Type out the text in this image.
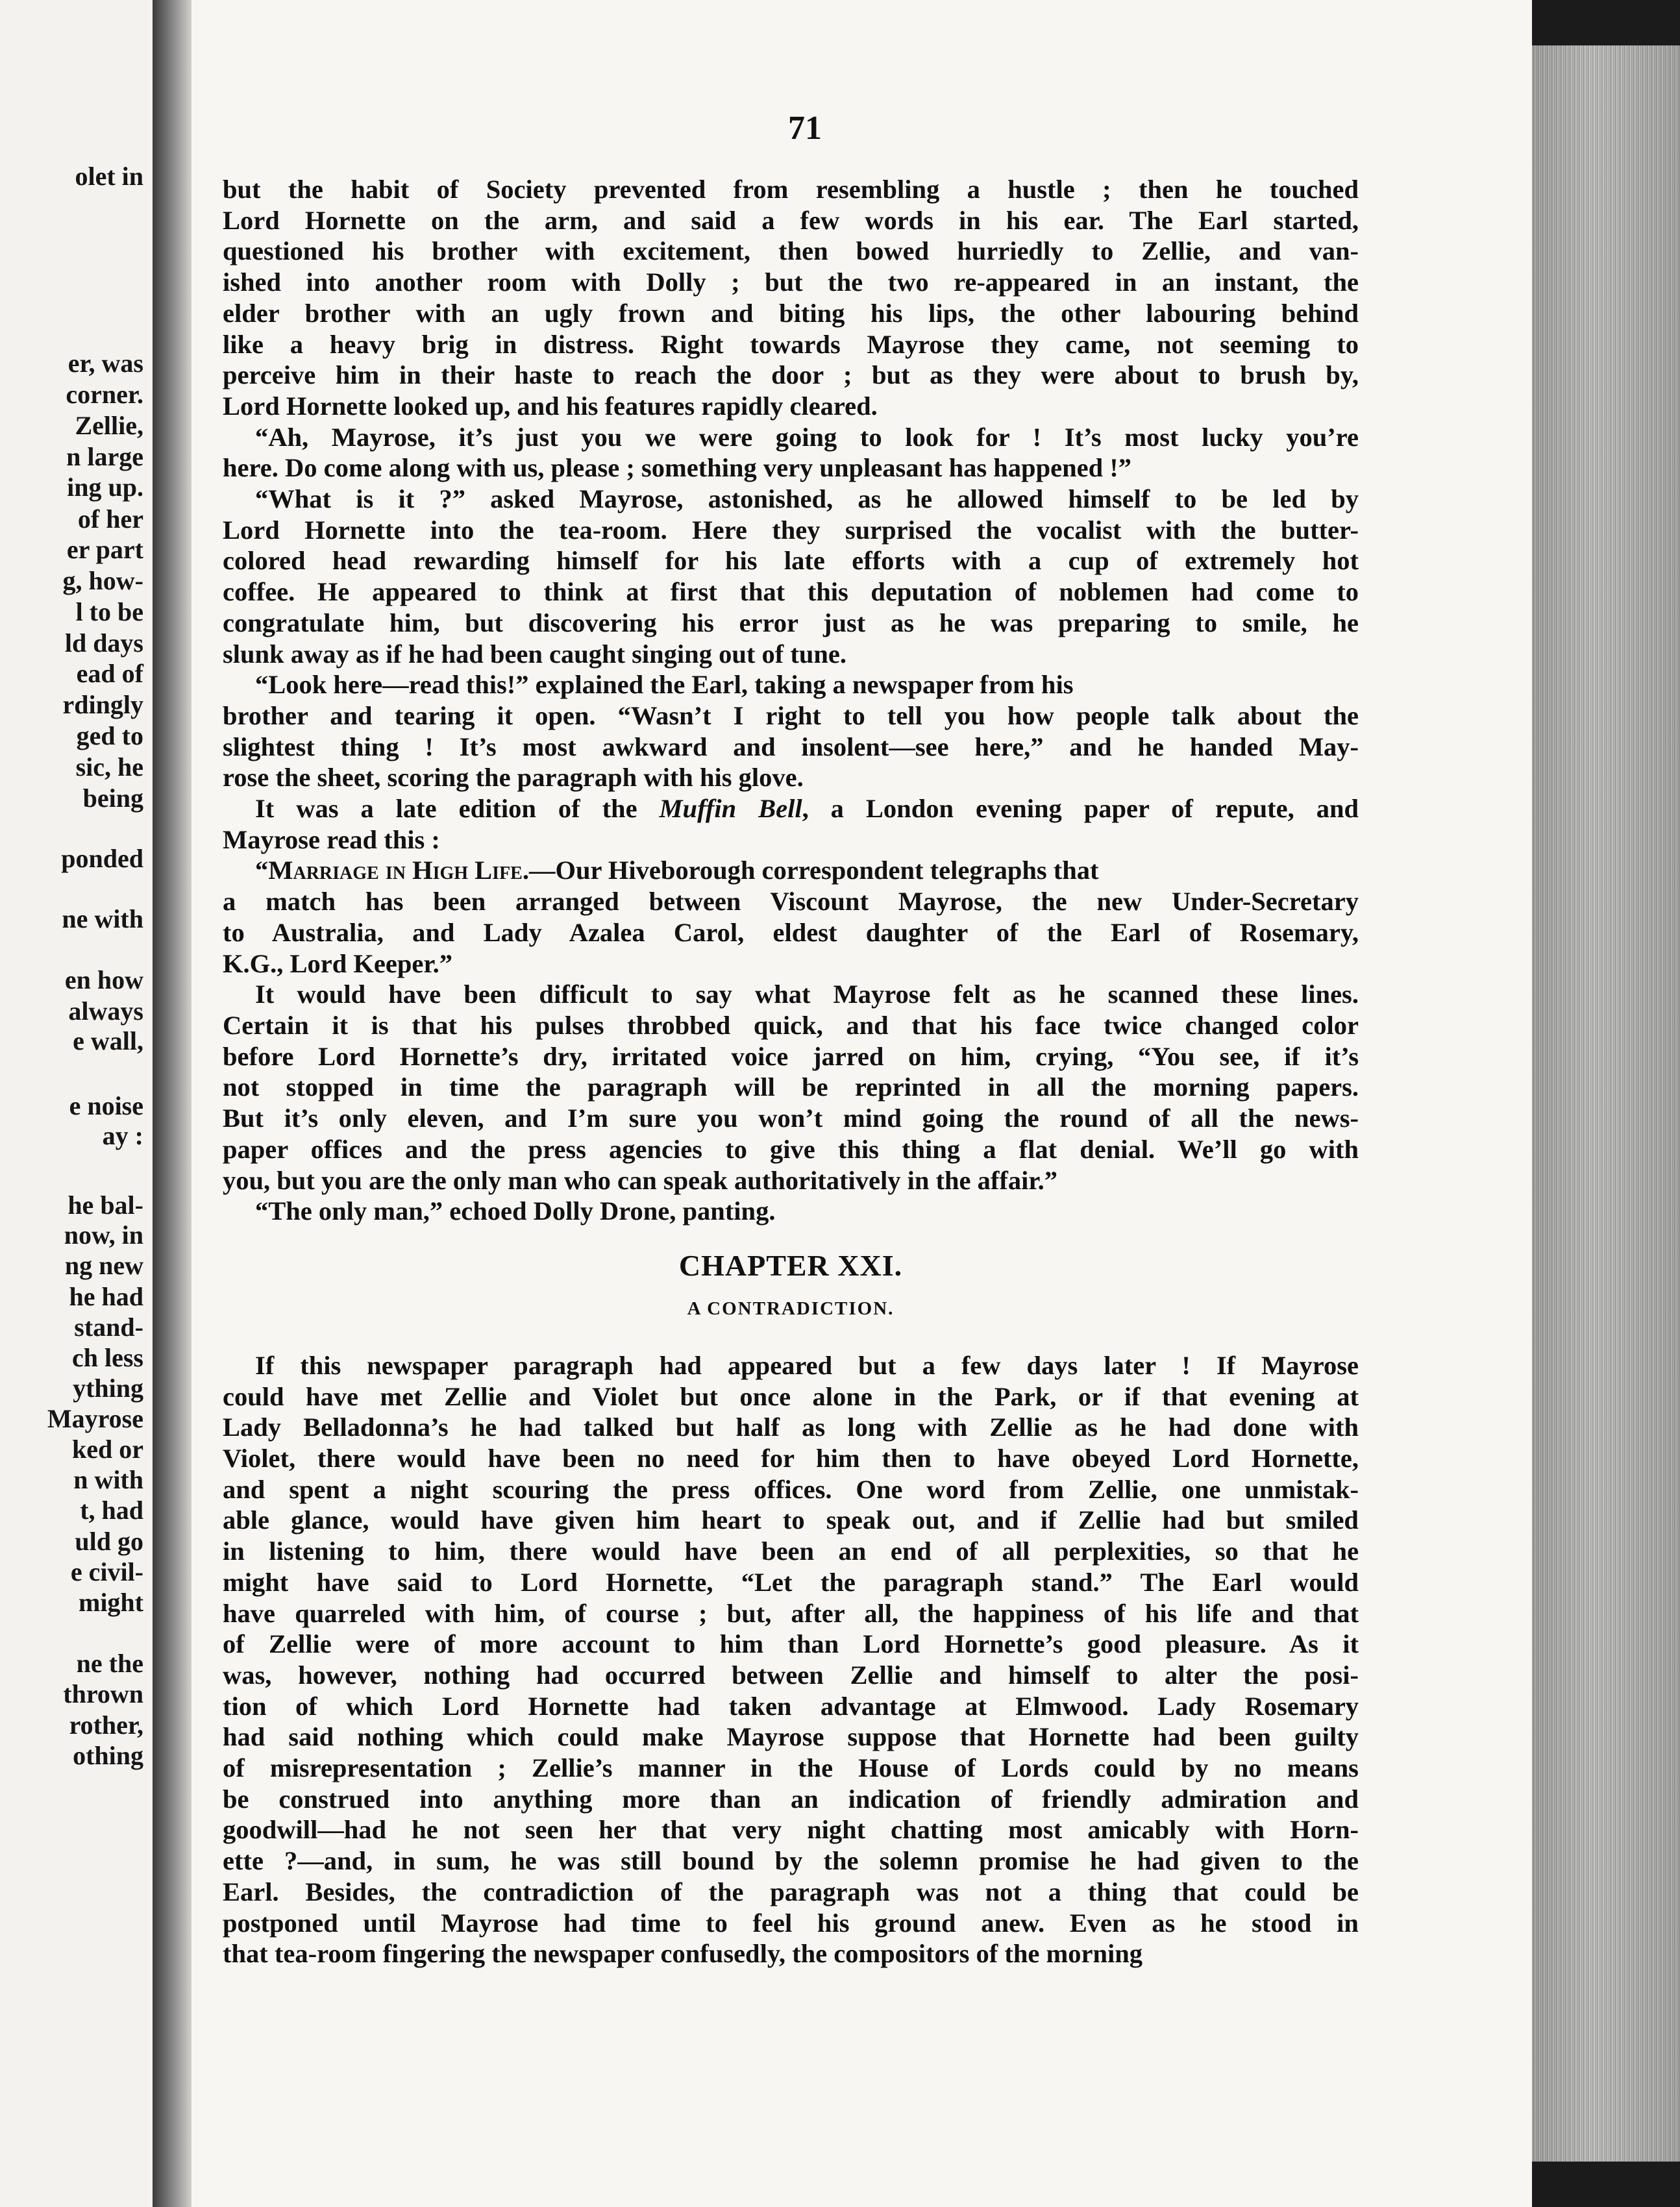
olet in
er, was
corner.
Zellie,
n large
ing up.
of her
er part
g, how-
l to be
ld days
ead of
rdingly
ged to
sic, he
being
ponded
ne with
en how
always
e wall,
e noise
ay :
he bal-
now, in
ng new
he had
stand-
ch less
ything
Mayrose
ked or
n with
t, had
uld go
e civil-
might
ne the
thrown
rother,
othing
71
but the habit of Society prevented from resembling a hustle ; then he touched
Lord Hornette on the arm, and said a few words in his ear. The Earl started,
questioned his brother with excitement, then bowed hurriedly to Zellie, and van-
ished into another room with Dolly ; but the two re-appeared in an instant, the
elder brother with an ugly frown and biting his lips, the other labouring behind
like a heavy brig in distress. Right towards Mayrose they came, not seeming to
perceive him in their haste to reach the door ; but as they were about to brush by,
Lord Hornette looked up, and his features rapidly cleared.
“Ah, Mayrose, it’s just you we were going to look for ! It’s most lucky you’re
here. Do come along with us, please ; something very unpleasant has happened !”
“What is it ?” asked Mayrose, astonished, as he allowed himself to be led by
Lord Hornette into the tea-room. Here they surprised the vocalist with the butter-
colored head rewarding himself for his late efforts with a cup of extremely hot
coffee. He appeared to think at first that this deputation of noblemen had come to
congratulate him, but discovering his error just as he was preparing to smile, he
slunk away as if he had been caught singing out of tune.
“Look here—read this!” explained the Earl, taking a newspaper from his
brother and tearing it open. “Wasn’t I right to tell you how people talk about the
slightest thing ! It’s most awkward and insolent—see here,” and he handed May-
rose the sheet, scoring the paragraph with his glove.
It was a late edition of the Muffin Bell, a London evening paper of repute, and
Mayrose read this :
“Marriage in High Life.—Our Hiveborough correspondent telegraphs that
a match has been arranged between Viscount Mayrose, the new Under-Secretary
to Australia, and Lady Azalea Carol, eldest daughter of the Earl of Rosemary,
K.G., Lord Keeper.”
It would have been difficult to say what Mayrose felt as he scanned these lines.
Certain it is that his pulses throbbed quick, and that his face twice changed color
before Lord Hornette’s dry, irritated voice jarred on him, crying, “You see, if it’s
not stopped in time the paragraph will be reprinted in all the morning papers.
But it’s only eleven, and I’m sure you won’t mind going the round of all the news-
paper offices and the press agencies to give this thing a flat denial. We’ll go with
you, but you are the only man who can speak authoritatively in the affair.”
“The only man,” echoed Dolly Drone, panting.
CHAPTER XXI.
A CONTRADICTION.
If this newspaper paragraph had appeared but a few days later ! If Mayrose
could have met Zellie and Violet but once alone in the Park, or if that evening at
Lady Belladonna’s he had talked but half as long with Zellie as he had done with
Violet, there would have been no need for him then to have obeyed Lord Hornette,
and spent a night scouring the press offices. One word from Zellie, one unmistak-
able glance, would have given him heart to speak out, and if Zellie had but smiled
in listening to him, there would have been an end of all perplexities, so that he
might have said to Lord Hornette, “Let the paragraph stand.” The Earl would
have quarreled with him, of course ; but, after all, the happiness of his life and that
of Zellie were of more account to him than Lord Hornette’s good pleasure. As it
was, however, nothing had occurred between Zellie and himself to alter the posi-
tion of which Lord Hornette had taken advantage at Elmwood. Lady Rosemary
had said nothing which could make Mayrose suppose that Hornette had been guilty
of misrepresentation ; Zellie’s manner in the House of Lords could by no means
be construed into anything more than an indication of friendly admiration and
goodwill—had he not seen her that very night chatting most amicably with Horn-
ette ?—and, in sum, he was still bound by the solemn promise he had given to the
Earl. Besides, the contradiction of the paragraph was not a thing that could be
postponed until Mayrose had time to feel his ground anew. Even as he stood in
that tea-room fingering the newspaper confusedly, the compositors of the morning
